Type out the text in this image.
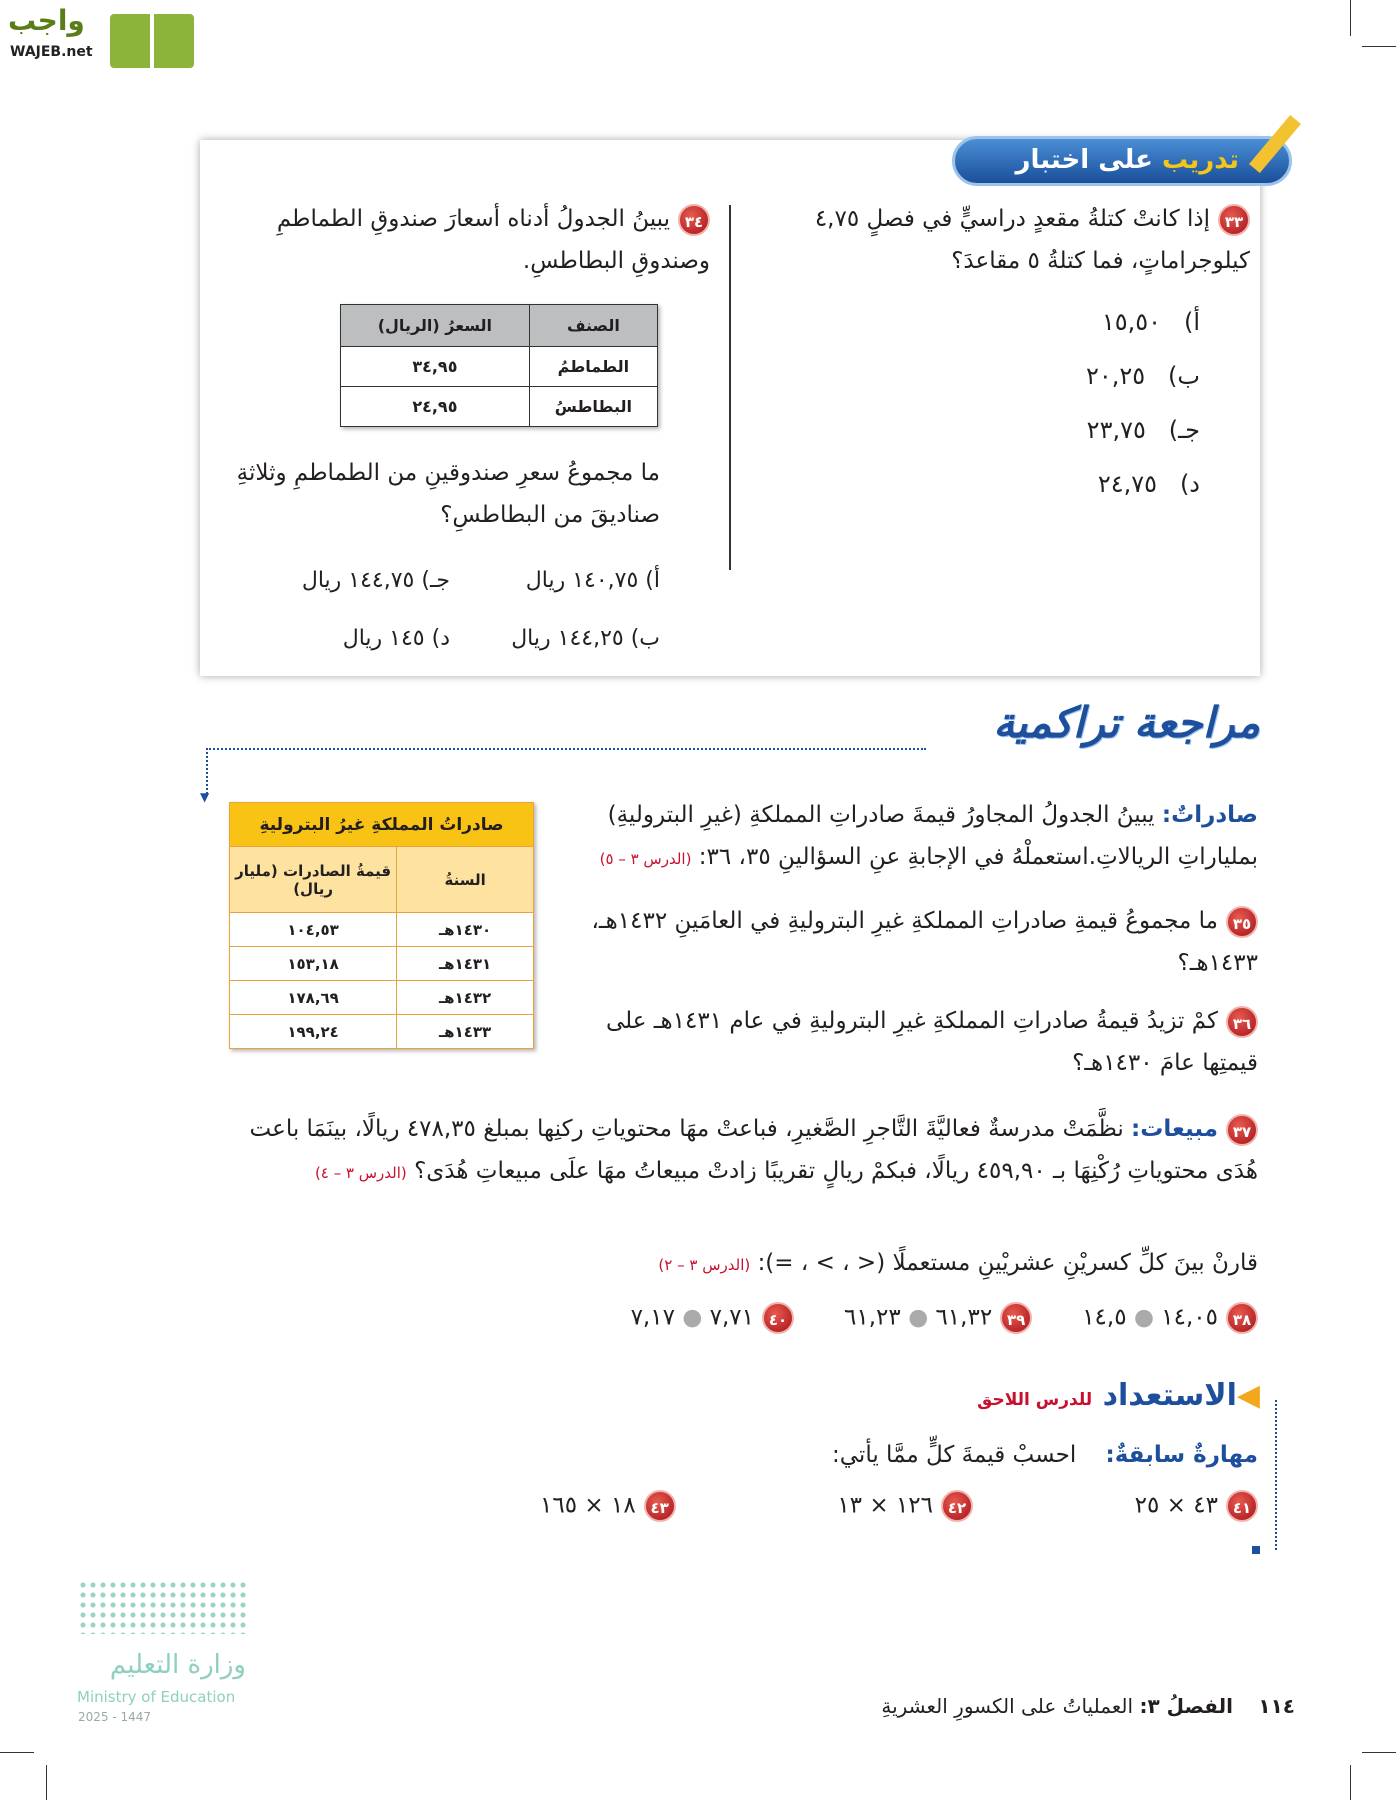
واجب
WAJEB.net
تدريب على اختبار
٣٣إذا كانتْ كتلةُ مقعدٍ دراسيٍّ في فصلٍ ٤,٧٥ كيلوجراماتٍ، فما كتلةُ ٥ مقاعدَ؟
أ)   ١٥,٥٠
ب)   ٢٠,٢٥
جـ)   ٢٣,٧٥
د)   ٢٤,٧٥
٣٤يبينُ الجدولُ أدناه أسعارَ صندوقِ الطماطمِ وصندوقِ البطاطسِ.
الصنف	السعرُ (الريال)
الطماطمُ	٣٤,٩٥
البطاطسُ	٢٤,٩٥
ما مجموعُ سعرِ صندوقينِ من الطماطمِ وثلاثةِ صناديقَ من البطاطسِ؟
أ) ١٤٠,٧٥ ريال
جـ) ١٤٤,٧٥ ريال
ب) ١٤٤,٢٥ ريال
د) ١٤٥ ريال
مراجعة تراكمية
▼
صادراتُ المملكةِ غيرُ البتروليةِ	
السنةُ	قيمةُ الصادرات (مليار ريال)
١٤٣٠هـ	١٠٤,٥٣
١٤٣١هـ	١٥٣,١٨
١٤٣٢هـ	١٧٨,٦٩
١٤٣٣هـ	١٩٩,٢٤
صادراتٌ: يبينُ الجدولُ المجاورُ قيمةَ صادراتِ المملكةِ (غيرِ البتروليةِ) بملياراتِ الريالاتِ.استعملْهُ في الإجابةِ عنِ السؤالينِ ٣٥، ٣٦: (الدرس ٣ – ٥)
٣٥ما مجموعُ قيمةِ صادراتِ المملكةِ غيرِ البتروليةِ في العامَينِ ١٤٣٢هـ، ١٤٣٣هـ؟
٣٦كمْ تزيدُ قيمةُ صادراتِ المملكةِ غيرِ البتروليةِ في عام ١٤٣١هـ على قيمتِها عامَ ١٤٣٠هـ؟
٣٧مبيعات: نظَّمَتْ مدرسةٌ فعاليَّةَ التَّاجرِ الصَّغيرِ، فباعتْ مهَا محتوياتِ ركنِها بمبلغ ٤٧٨,٣٥ ريالًا، بينَمَا باعت هُدَى محتوياتِ رُكْنِهَا بـ ٤٥٩,٩٠ ريالًا، فبكمْ ريالٍ تقريبًا زادتْ مبيعاتُ مهَا علَى مبيعاتِ هُدَى؟ (الدرس ٣ – ٤)
قارنْ بينَ كلِّ كسريْنِ عشريْينِ مستعملًا (< ، > ، =): (الدرس ٣ – ٢)
٣٨١٤,٠٥ ● ١٤,٥
٣٩٦١,٣٢ ● ٦١,٢٣
٤٠٧,٧١ ● ٧,١٧
◀الاستعداد للدرس اللاحق
مهارةٌ سابقةٌ:    احسبْ قيمةَ كلٍّ ممَّا يأتي:
٤١٤٣ × ٢٥
٤٢١٢٦ × ١٣
٤٣١٨ × ١٦٥
وزارة التعليم
Ministry of Education
2025 - 1447	١١٤    الفصلُ ٣: العملياتُ على الكسورِ العشريةِ
